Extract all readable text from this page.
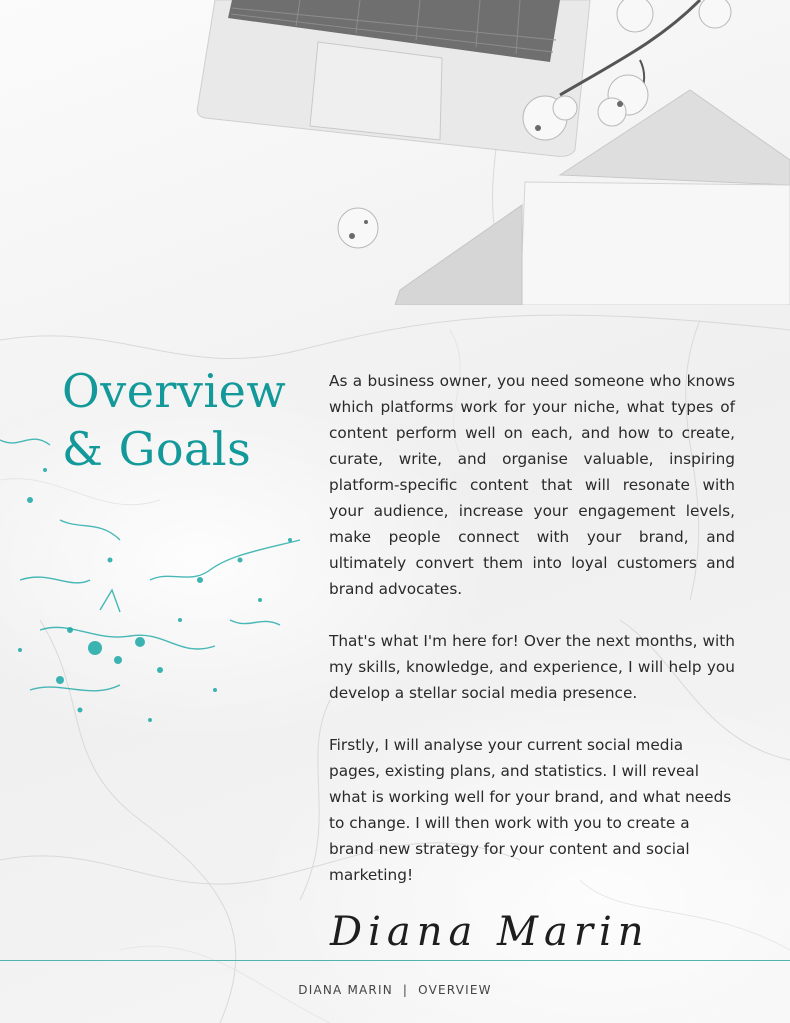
Overview
& Goals

As a business owner, you need someone who knows which platforms work for your niche, what types of content perform well on each, and how to create, curate, write, and organise valuable, inspiring platform-specific content that will resonate with your audience, increase your engagement levels, make people connect with your brand, and ultimately convert them into loyal customers and brand advocates.

That's what I'm here for! Over the next months, with my skills, knowledge, and experience, I will help you develop a stellar social media presence.

Firstly, I will analyse your current social media pages, existing plans, and statistics. I will reveal what is working well for your brand, and what needs to change. I will then work with you to create a brand new strategy for your content and social marketing!

Diana Marin
DIANA MARIN  |  OVERVIEW
